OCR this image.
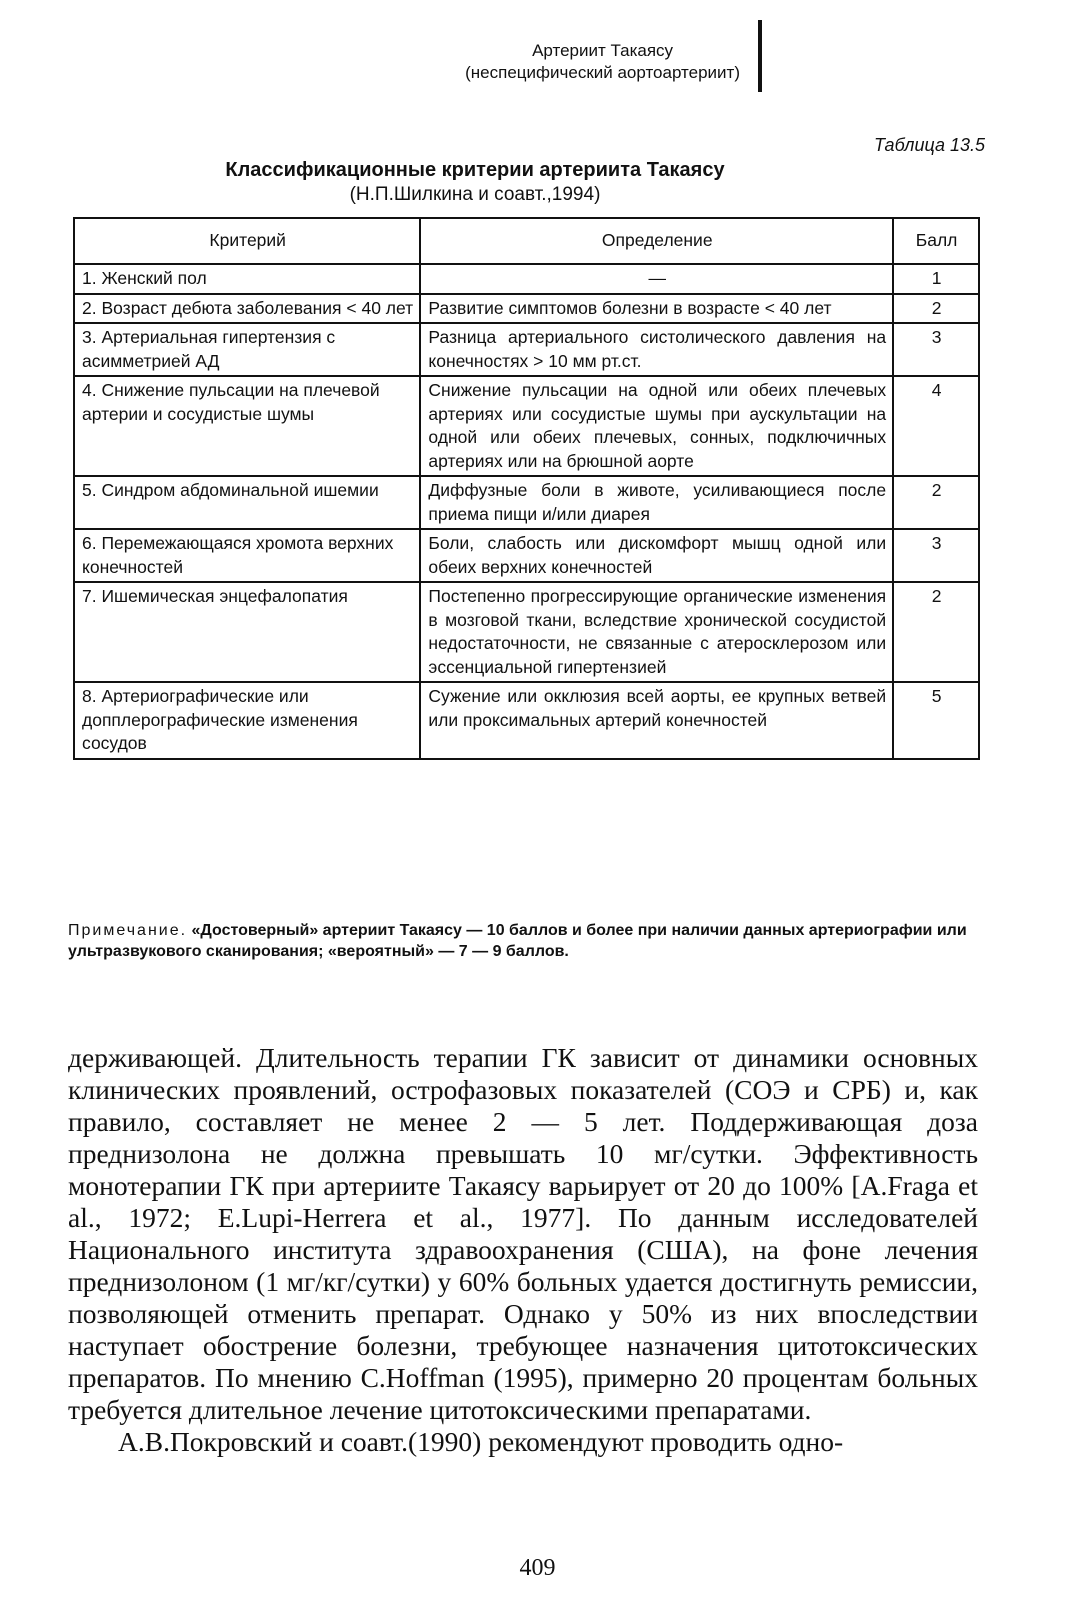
Артериит Такаясу
(неспецифический аортоартериит)
Таблица 13.5
Классификационные критерии артериита Такаясу
(Н.П.Шилкина и соавт.,1994)
Критерий	Определение	Балл
1. Женский пол	—	1
2. Возраст дебюта заболевания < 40 лет	Развитие симптомов болезни в возрасте < 40 лет	2
3. Артериальная гипертензия с асимметрией АД	Разница артериального систолического давления на конечностях > 10 мм рт.ст.	3
4. Снижение пульсации на плечевой артерии и сосудистые шумы	Снижение пульсации на одной или обеих плечевых артериях или сосудистые шумы при аускультации на одной или обеих плечевых, сонных, подключичных артериях или на брюшной аорте	4
5. Синдром абдоминальной ишемии	Диффузные боли в животе, усиливающиеся после приема пищи и/или диарея	2
6. Перемежающаяся хромота верхних конечностей	Боли, слабость или дискомфорт мышц одной или обеих верхних конечностей	3
7. Ишемическая энцефалопатия	Постепенно прогрессирующие органические изменения в мозговой ткани, вследствие хронической сосудистой недостаточности, не связанные с атеросклерозом или эссенциальной гипертензией	2
8. Артериографические или допплерографические изменения сосудов	Сужение или окклюзия всей аорты, ее крупных ветвей или проксимальных артерий конечностей	5
Примечание. «Достоверный» артериит Такаясу — 10 баллов и более при наличии данных артериографии или ультразвукового сканирования; «вероятный» — 7 — 9 баллов.

держивающей. Длительность терапии ГК зависит от динамики основных клинических проявлений, острофазовых показателей (СОЭ и СРБ) и, как правило, составляет не менее 2 — 5 лет. Поддерживающая доза преднизолона не должна превышать 10 мг/сутки. Эффективность монотерапии ГК при артериите Такаясу варьирует от 20 до 100% [A.Fraga et al., 1972; E.Lupi-Herrera et al., 1977]. По данным исследователей Национального института здравоохранения (США), на фоне лечения преднизолоном (1 мг/кг/сутки) у 60% больных удается достигнуть ремиссии, позволяющей отменить препарат. Однако у 50% из них впоследствии наступает обострение болезни, требующее назначения цитотоксических препаратов. По мнению C.Hoffman (1995), примерно 20 процентам больных требуется длительное лечение цитотоксическими препаратами.

А.В.Покровский и соавт.(1990) рекомендуют проводить одно-

409
